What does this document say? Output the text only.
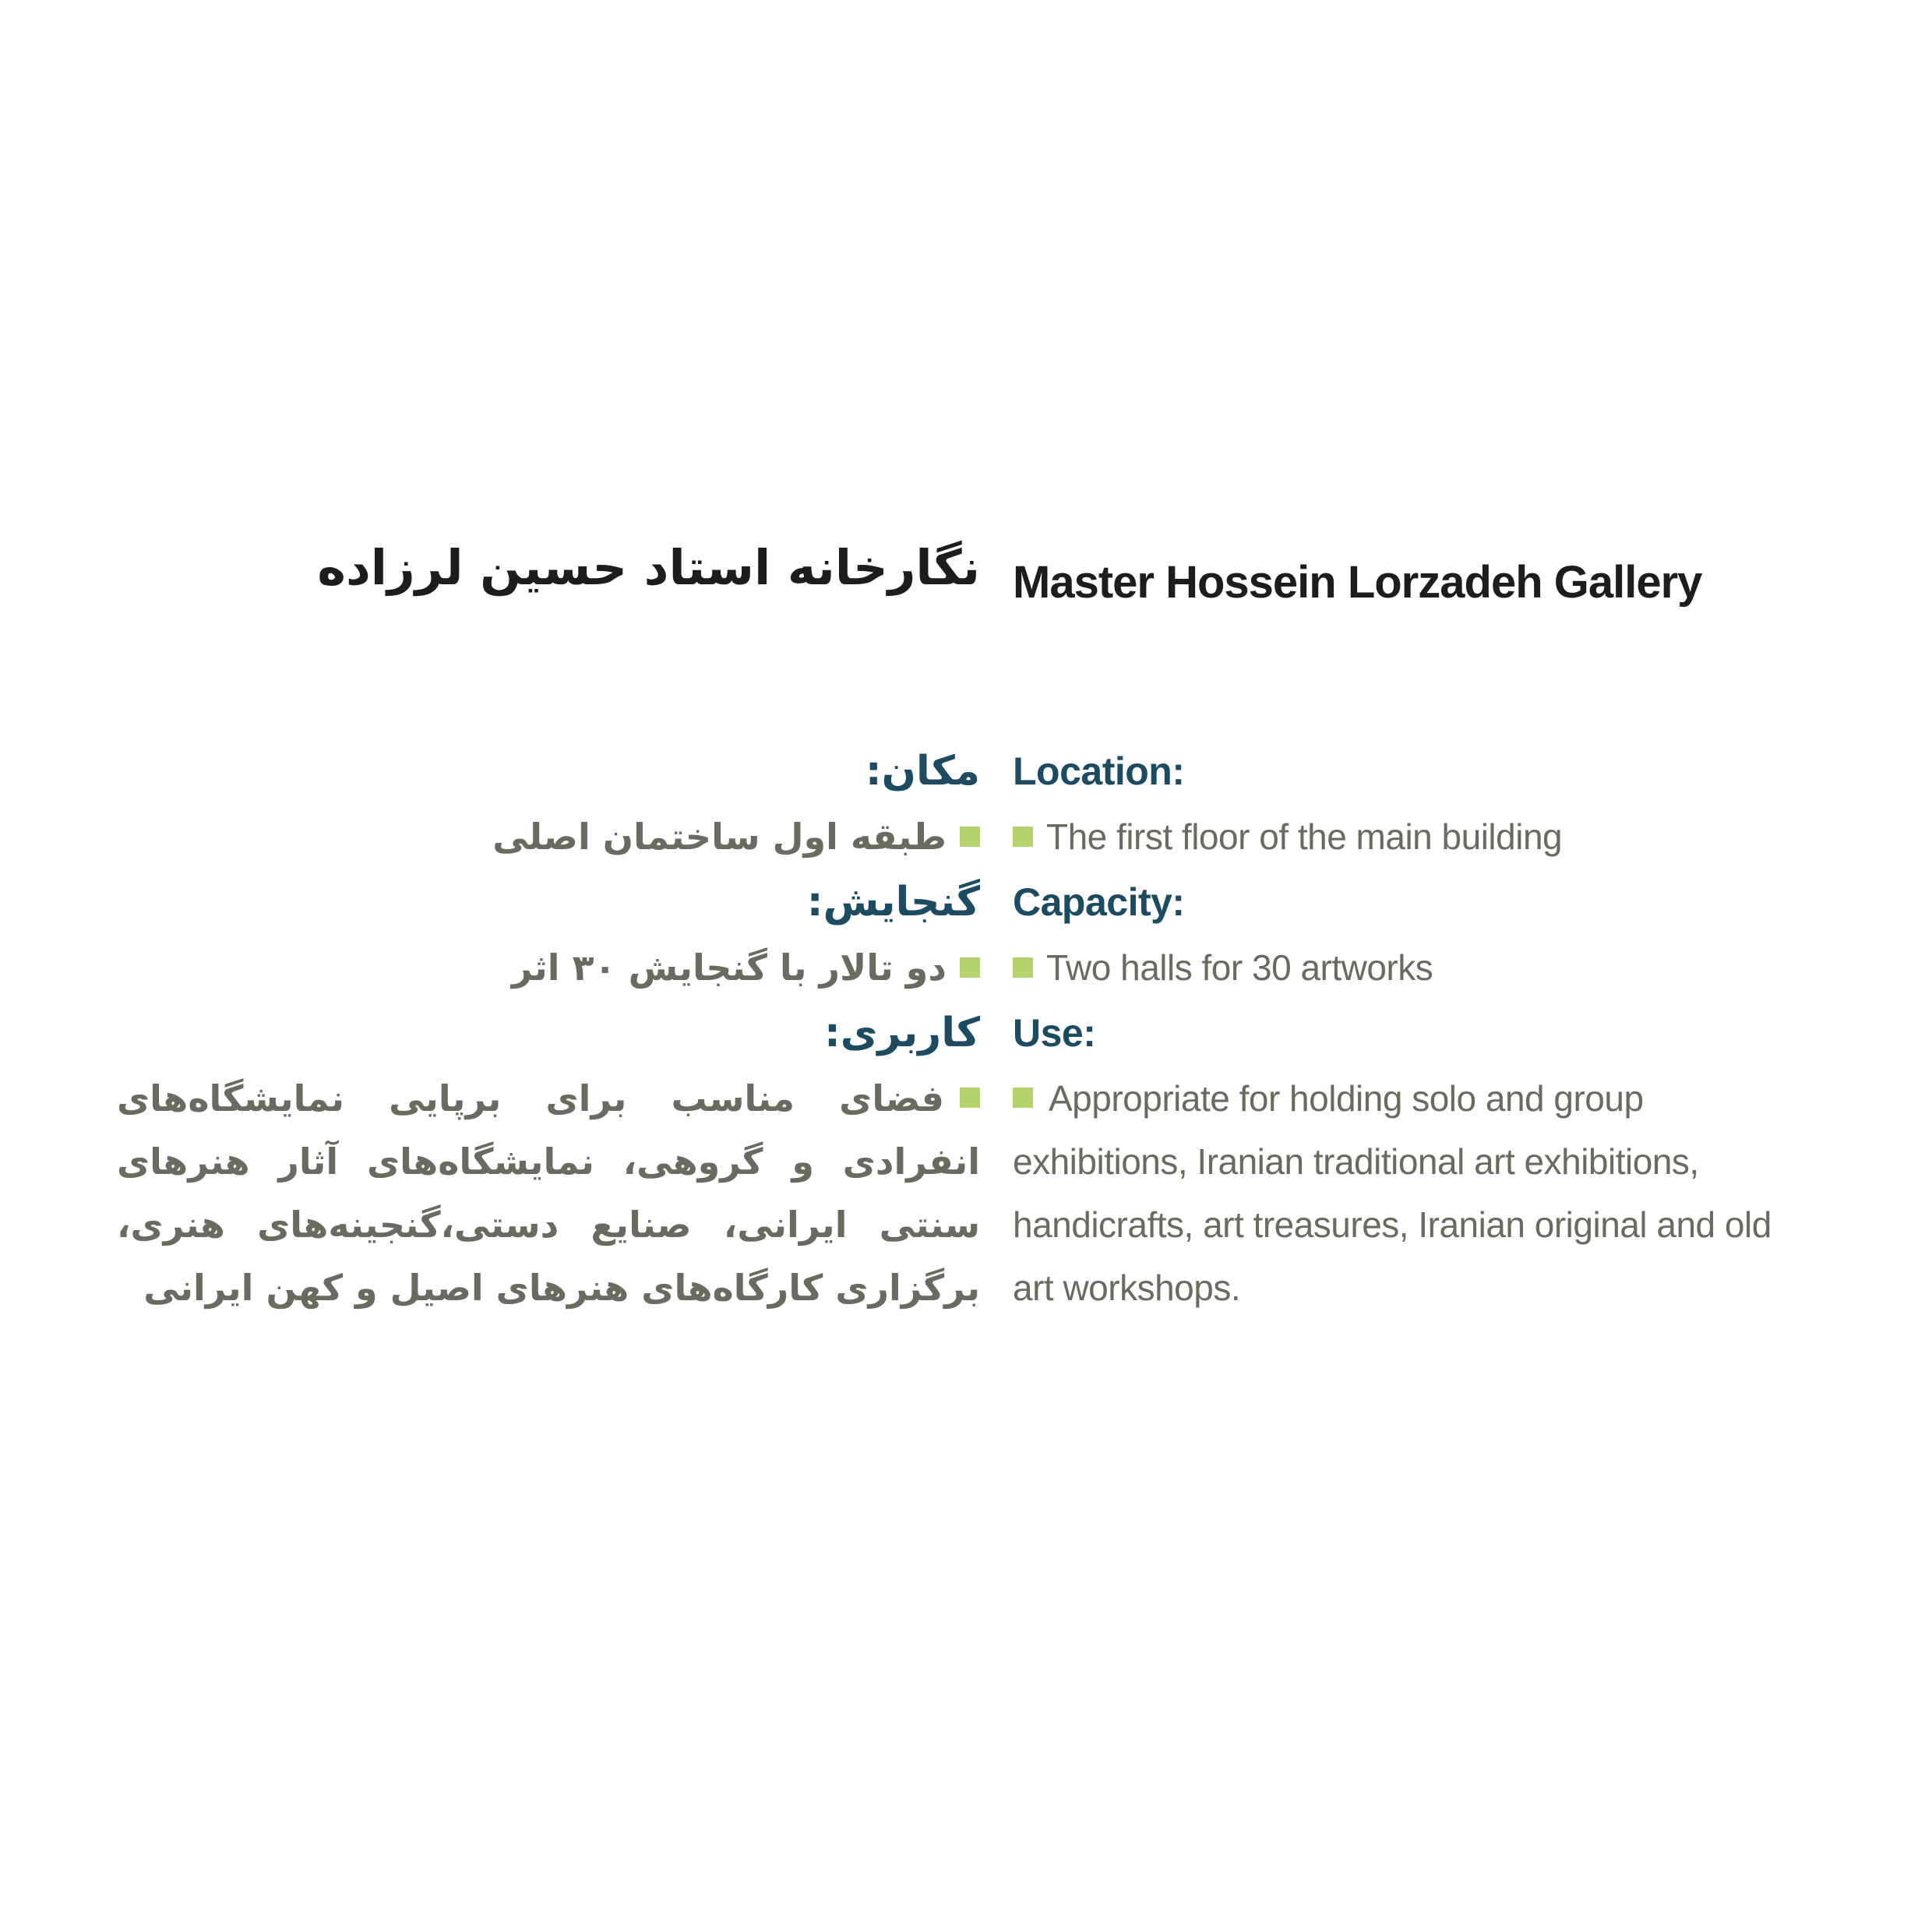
نگارخانه استاد حسین لرزاده Master Hossein Lorzadeh Gallery
مکان:
طبقه اول ساختمان اصلی
گنجایش:
دو تالار با گنجایش ۳۰ اثر
کاربری:
فضای مناسب برای برپایی نمایشگاه‌های انفرادی و گروهی، نمایشگاه‌های آثار هنرهای سنتی ایرانی، صنایع دستی،گنجینه‌های هنری، برگزاری کارگاه‌های هنرهای اصیل و کهن ایرانی
Location:
The first floor of the main building
Capacity:
Two halls for 30 artworks
Use:
Appropriate for holding solo and group exhibitions, Iranian traditional art exhibitions, handicrafts, art treasures, Iranian original and old art workshops.
